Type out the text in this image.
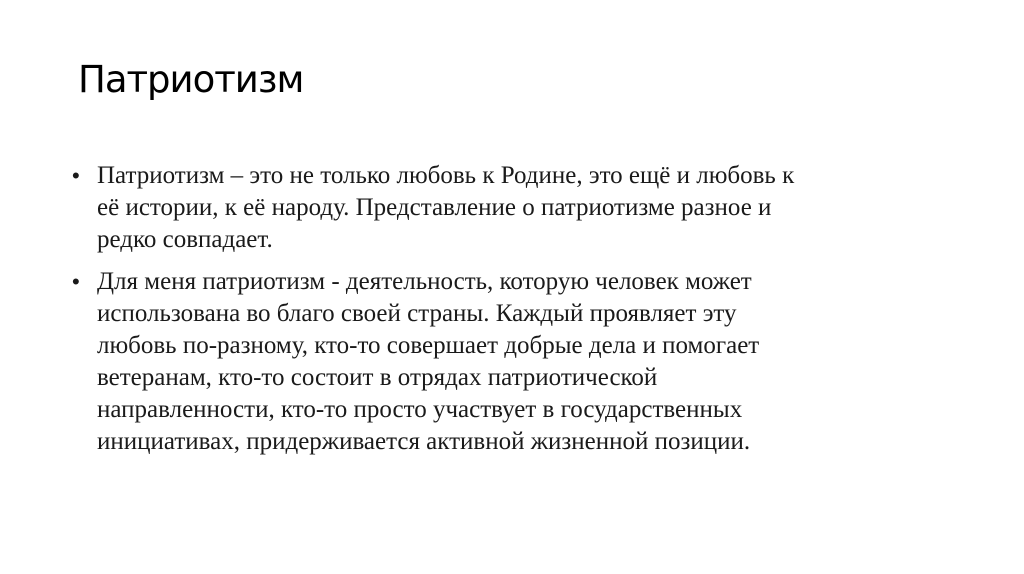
Патриотизм
• Патриотизм – это не только любовь к Родине, это ещё и любовь к
её истории, к её народу. Представление о патриотизме разное и
редко совпадает.
• Для меня патриотизм - деятельность, которую человек может
использована во благо своей страны. Каждый проявляет эту
любовь по-разному, кто-то совершает добрые дела и помогает
ветеранам, кто-то состоит в отрядах патриотической
направленности, кто-то просто участвует в государственных
инициативах, придерживается активной жизненной позиции.
